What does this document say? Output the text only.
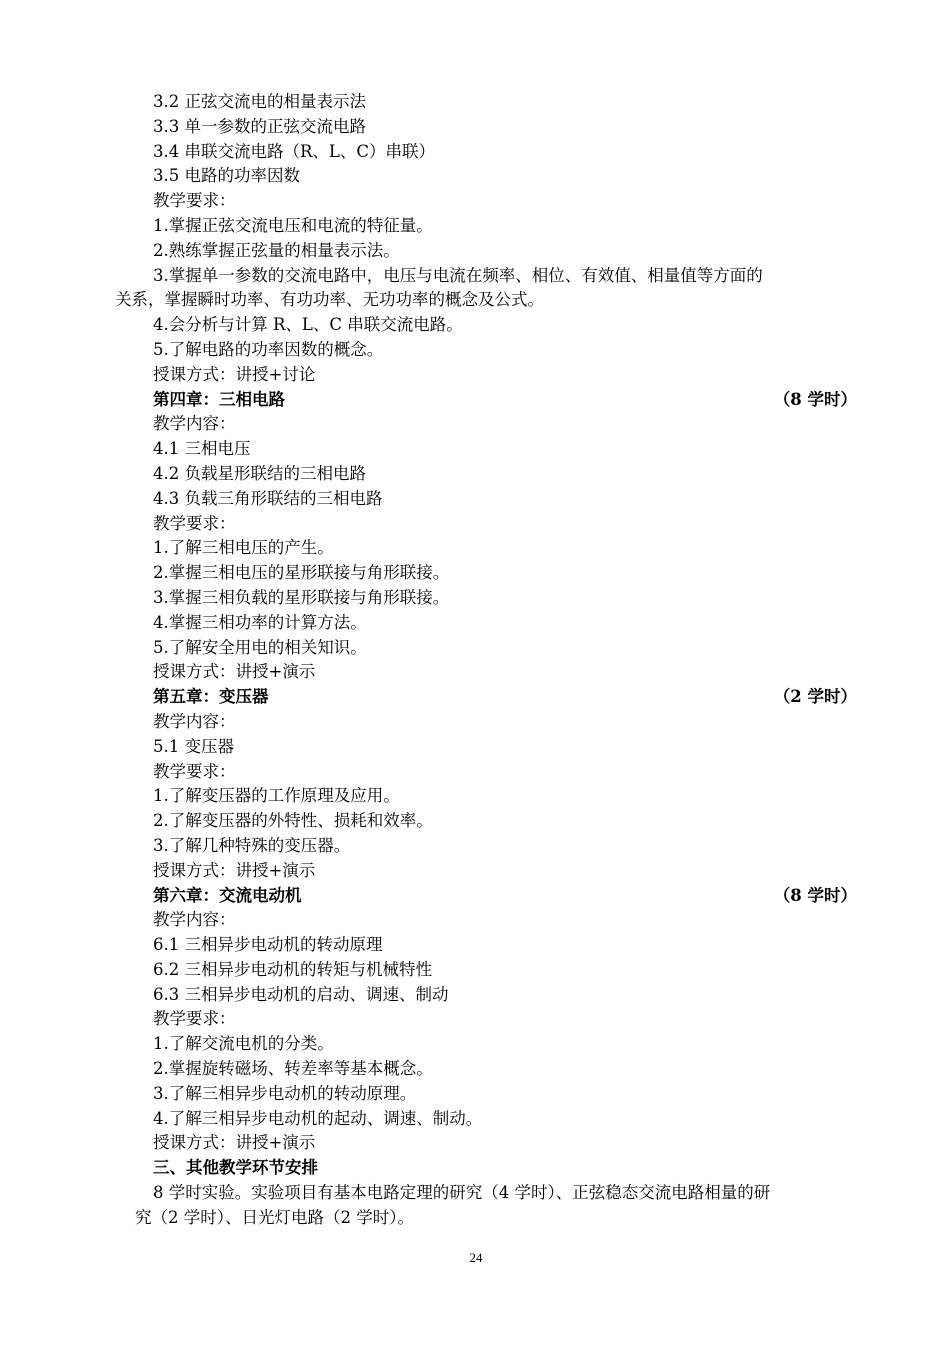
3.2 正弦交流电的相量表示法
3.3 单一参数的正弦交流电路
3.4 串联交流电路（R、L、C）串联）
3.5 电路的功率因数
教学要求：
1.掌握正弦交流电压和电流的特征量。
2.熟练掌握正弦量的相量表示法。
3.掌握单一参数的交流电路中，电压与电流在频率、相位、有效值、相量值等方面的
关系，掌握瞬时功率、有功功率、无功功率的概念及公式。
4.会分析与计算 R、L、C 串联交流电路。
5.了解电路的功率因数的概念。
授课方式：讲授+讨论
第四章：三相电路	（8 学时）
教学内容：
4.1 三相电压
4.2 负载星形联结的三相电路
4.3 负载三角形联结的三相电路
教学要求：
1.了解三相电压的产生。
2.掌握三相电压的星形联接与角形联接。
3.掌握三相负载的星形联接与角形联接。
4.掌握三相功率的计算方法。
5.了解安全用电的相关知识。
授课方式：讲授+演示
第五章：变压器	（2 学时）
教学内容：
5.1 变压器
教学要求：
1.了解变压器的工作原理及应用。
2.了解变压器的外特性、损耗和效率。
3.了解几种特殊的变压器。
授课方式：讲授+演示
第六章：交流电动机	（8 学时）
教学内容：
6.1 三相异步电动机的转动原理
6.2 三相异步电动机的转矩与机械特性
6.3 三相异步电动机的启动、调速、制动
教学要求：
1.了解交流电机的分类。
2.掌握旋转磁场、转差率等基本概念。
3.了解三相异步电动机的转动原理。
4.了解三相异步电动机的起动、调速、制动。
授课方式：讲授+演示
三、其他教学环节安排
8 学时实验。实验项目有基本电路定理的研究（4 学时）、正弦稳态交流电路相量的研
究（2 学时）、日光灯电路（2 学时）。
24
